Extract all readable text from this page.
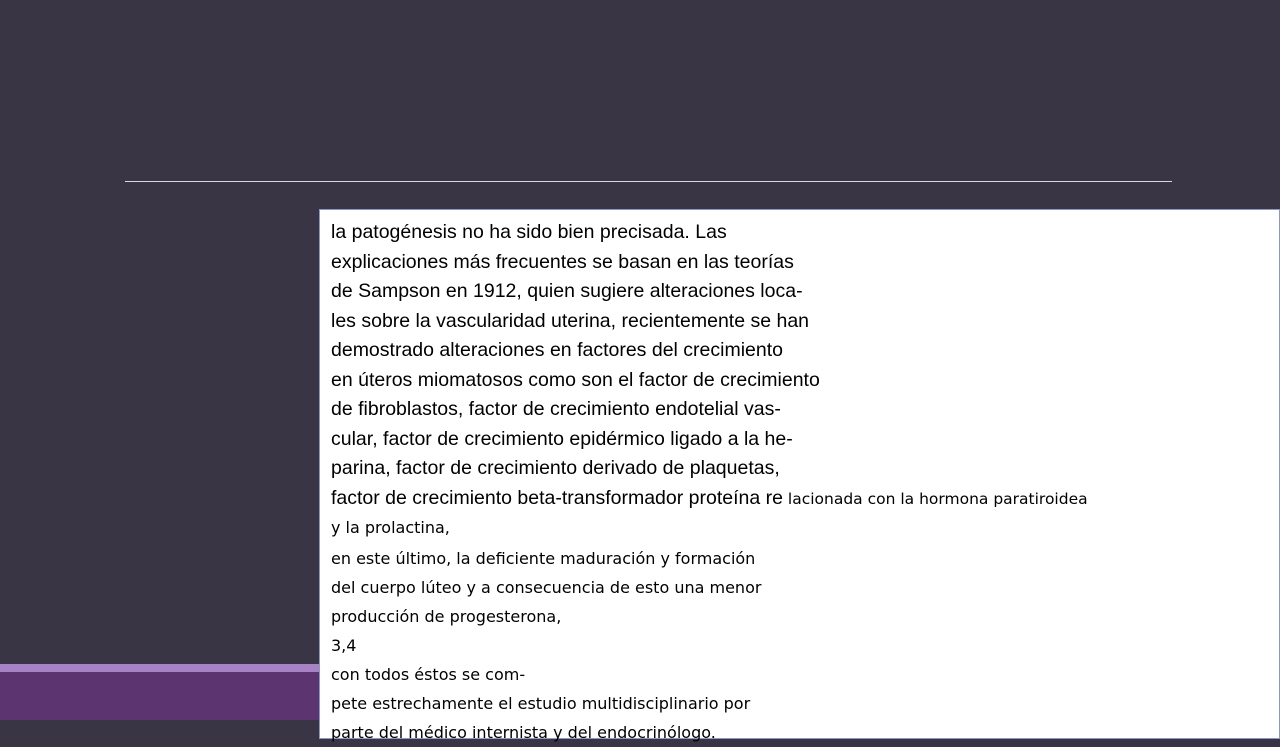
la patogénesis no ha sido bien precisada. Las
explicaciones más frecuentes se basan en las teorías
de Sampson en 1912, quien sugiere alteraciones loca-
les sobre la vascularidad uterina, recientemente se han
demostrado alteraciones en factores del crecimiento
en úteros miomatosos como son el factor de crecimiento
de fibroblastos, factor de crecimiento endotelial vas-
cular, factor de crecimiento epidérmico ligado a la he-
parina, factor de crecimiento derivado de plaquetas,
factor de crecimiento beta-transformador proteína re lacionada con la hormona paratiroidea
y la prolactina,
en este último, la deficiente maduración y formación
del cuerpo lúteo y a consecuencia de esto una menor
producción de progesterona,
3,4
con todos éstos se com-
pete estrechamente el estudio multidisciplinario por
parte del médico internista y del endocrinólogo.
